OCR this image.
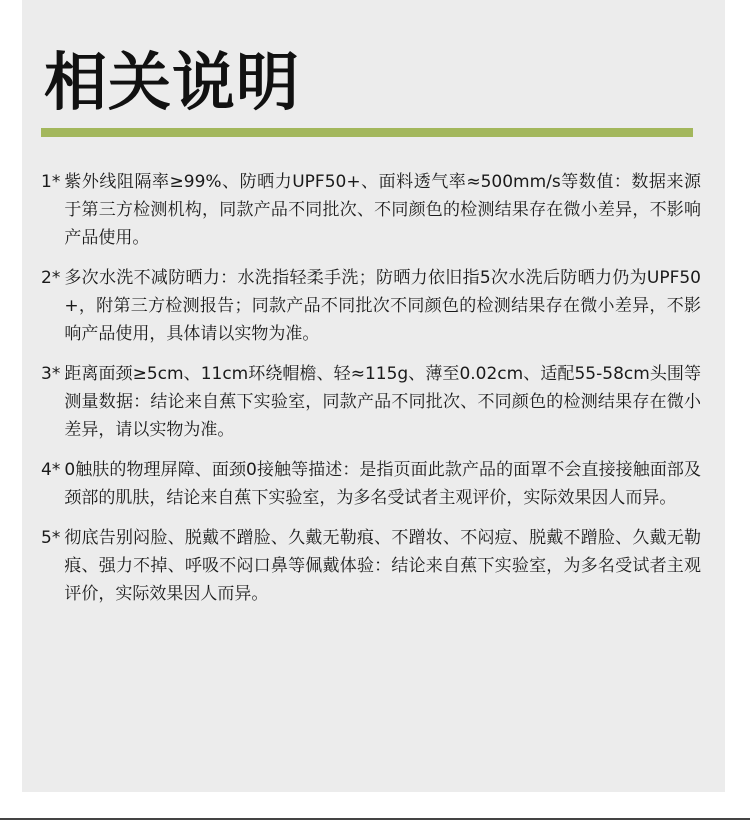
相关说明
1* 紫外线阻隔率≥99%、防晒力UPF50+、面料透气率≈500mm/s等数值：数据来源于第三方检测机构，同款产品不同批次、不同颜色的检测结果存在微小差异，不影响产品使用。
2* 多次水洗不减防晒力：水洗指轻柔手洗；防晒力依旧指5次水洗后防晒力仍为UPF50+，附第三方检测报告；同款产品不同批次不同颜色的检测结果存在微小差异，不影响产品使用，具体请以实物为准。
3* 距离面颈≥5cm、11cm环绕帽檐、轻≈115g、薄至0.02cm、适配55-58cm头围等测量数据：结论来自蕉下实验室，同款产品不同批次、不同颜色的检测结果存在微小差异，请以实物为准。
4* 0触肤的物理屏障、面颈0接触等描述：是指页面此款产品的面罩不会直接接触面部及颈部的肌肤，结论来自蕉下实验室，为多名受试者主观评价，实际效果因人而异。
5* 彻底告别闷脸、脱戴不蹭脸、久戴无勒痕、不蹭妆、不闷痘、脱戴不蹭脸、久戴无勒痕、强力不掉、呼吸不闷口鼻等佩戴体验：结论来自蕉下实验室，为多名受试者主观评价，实际效果因人而异。
